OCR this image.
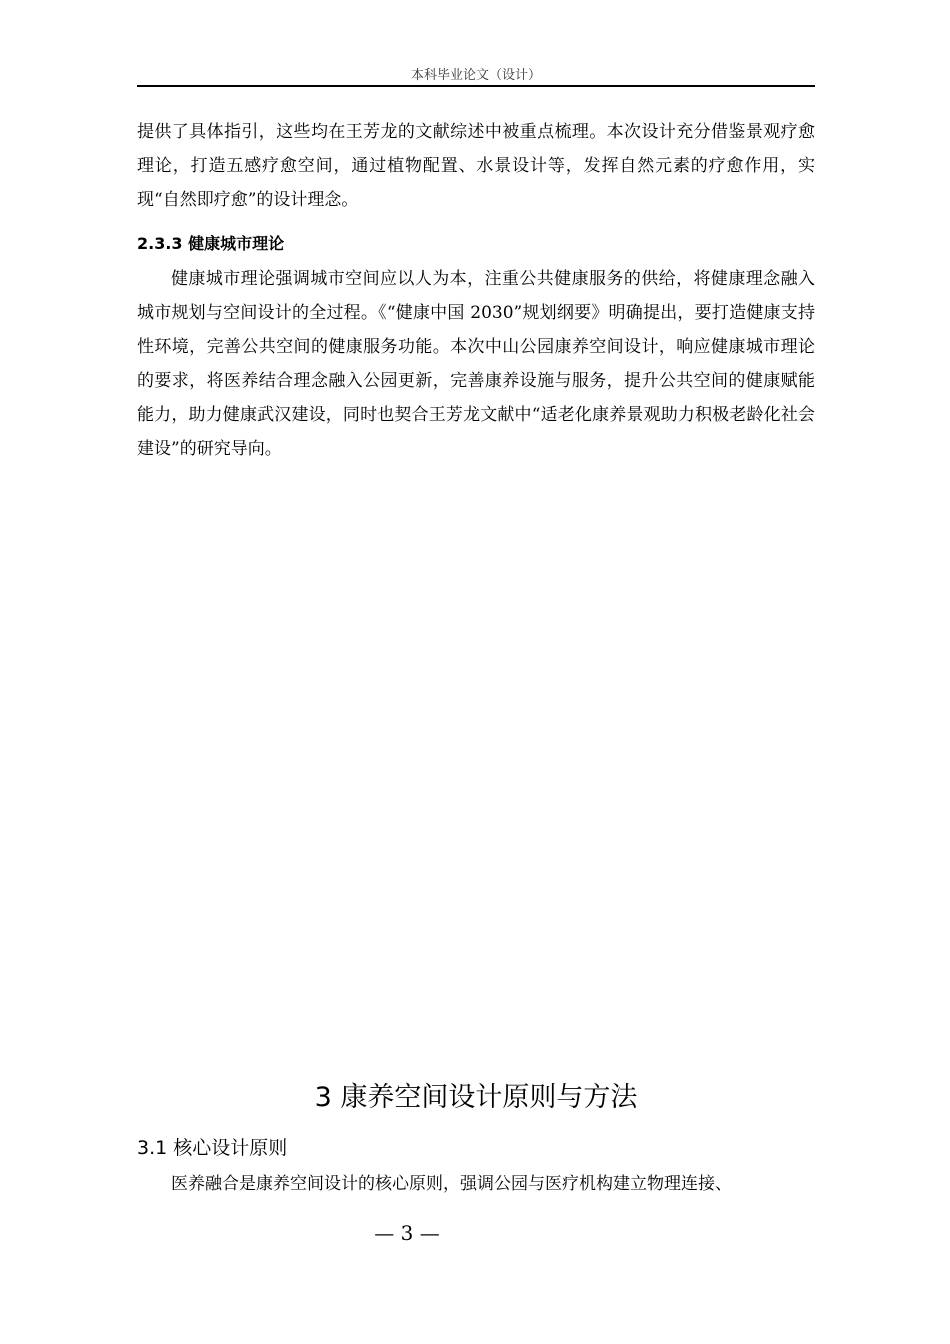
本科毕业论文（设计）

提供了具体指引，这些均在王芳龙的文献综述中被重点梳理。本次设计充分借鉴景观疗愈理论，打造五感疗愈空间，通过植物配置、水景设计等，发挥自然元素的疗愈作用，实现“自然即疗愈”的设计理念。

2.3.3 健康城市理论

健康城市理论强调城市空间应以人为本，注重公共健康服务的供给，将健康理念融入城市规划与空间设计的全过程。《“健康中国 2030”规划纲要》明确提出，要打造健康支持性环境，完善公共空间的健康服务功能。本次中山公园康养空间设计，响应健康城市理论的要求，将医养结合理念融入公园更新，完善康养设施与服务，提升公共空间的健康赋能能力，助力健康武汉建设，同时也契合王芳龙文献中“适老化康养景观助力积极老龄化社会建设”的研究导向。

3 康养空间设计原则与方法
3.1 核心设计原则

医养融合是康养空间设计的核心原则，强调公园与医疗机构建立物理连接、

— 3 —
